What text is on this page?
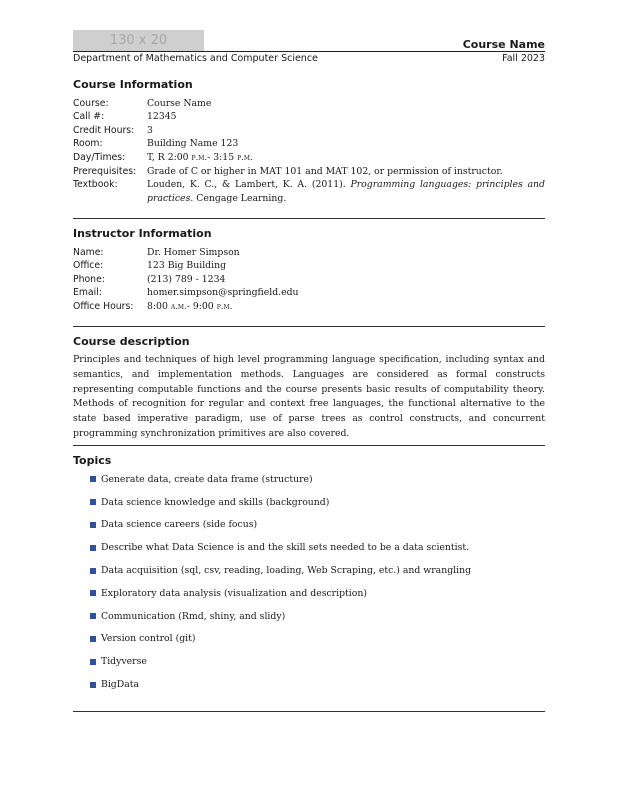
130 x 20	Course Name
Department of Mathematics and Computer Science	Fall 2023
Course Information
Course:	Course Name
Call #:	12345
Credit Hours:	3
Room:	Building Name 123
Day/Times:	T, R 2:00 p.m.- 3:15 p.m.
Prerequisites:	Grade of C or higher in MAT 101 and MAT 102, or permission of instructor.
Textbook:	Louden, K. C., & Lambert, K. A. (2011). Programming languages: principles and practices. Cengage Learning.
Instructor Information
Name:	Dr. Homer Simpson
Office:	123 Big Building
Phone:	(213) 789 - 1234
Email:	homer.simpson@springfield.edu
Office Hours:	8:00 a.m.- 9:00 p.m.
Course description

Principles and techniques of high level programming language specification, including syntax and semantics, and implementation methods. Languages are considered as formal constructs representing computable functions and the course presents basic results of computability theory. Methods of recognition for regular and context free languages, the functional alternative to the state based imperative paradigm, use of parse trees as control constructs, and concurrent programming synchronization primitives are also covered.

Topics
Generate data, create data frame (structure)
Data science knowledge and skills (background)
Data science careers (side focus)
Describe what Data Science is and the skill sets needed to be a data scientist.
Data acquisition (sql, csv, reading, loading, Web Scraping, etc.) and wrangling
Exploratory data analysis (visualization and description)
Communication (Rmd, shiny, and slidy)
Version control (git)
Tidyverse
BigData
